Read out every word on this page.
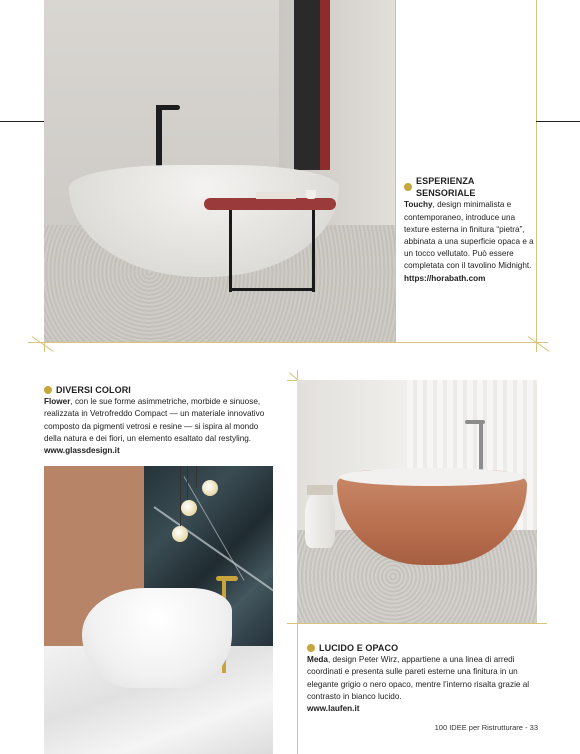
ESPERIENZA SENSORIALE
Touchy, design minimalista e contemporaneo, introduce una texture esterna in finitura “pietra”, abbinata a una superficie opaca e a un tocco vellutato. Può essere completata con il tavolino Midnight.
https://horabath.com
DIVERSI COLORI
Flower, con le sue forme asimmetriche, morbide e sinuose, realizzata in Vetrofreddo Compact — un materiale innovativo composto da pigmenti vetrosi e resine — si ispira al mondo della natura e dei fiori, un elemento esaltato dal restyling.
www.glassdesign.it
LUCIDO E OPACO
Meda, design Peter Wirz, appartiene a una linea di arredi coordinati e presenta sulle pareti esterne una finitura in un elegante grigio o nero opaco, mentre l’interno risalta grazie al contrasto in bianco lucido.
www.laufen.it
100 IDEE per Ristrutturare - 33
